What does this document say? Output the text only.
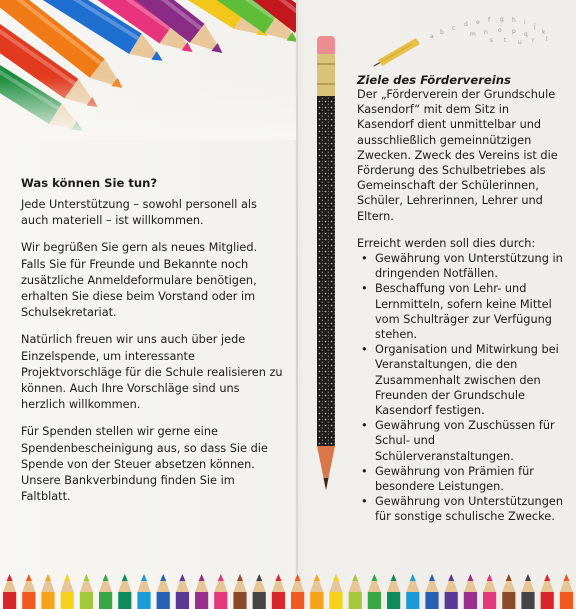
Was können Sie tun?

Jede Unterstützung – sowohl personell als auch materiell – ist willkommen.

Wir begrüßen Sie gern als neues Mitglied. Falls Sie für Freunde und Bekannte noch zusätzliche Anmeldeformulare benötigen, erhalten Sie diese beim Vorstand oder im Schulsekretariat.

Natürlich freuen wir uns auch über jede Einzelspende, um interessante Projektvorschläge für die Schule realisieren zu können. Auch Ihre Vorschläge sind uns herzlich willkommen.

Für Spenden stellen wir gerne eine Spendenbescheinigung aus, so dass Sie die Spende von der Steuer absetzen können. Unsere Bankverbindung finden Sie im Faltblatt.

a
b
c
d e f g h i
j
k
l
m n o p q
r
s t u
Ziele des Fördervereins

Der „Förderverein der Grundschule Kasendorf“ mit dem Sitz in Kasendorf dient unmittelbar und ausschließlich gemeinnützigen Zwecken. Zweck des Vereins ist die Förderung des Schulbetriebes als Gemeinschaft der Schülerinnen, Schüler, Lehrerinnen, Lehrer und Eltern.

Erreicht werden soll dies durch:

• Gewährung von Unterstützung in dringenden Notfällen.
• Beschaffung von Lehr- und Lernmitteln, sofern keine Mittel vom Schulträger zur Verfügung stehen.
• Organisation und Mitwirkung bei Veranstaltungen, die den Zusammenhalt zwischen den Freunden der Grundschule Kasendorf festigen.
• Gewährung von Zuschüssen für Schul- und Schülerveranstaltungen.
• Gewährung von Prämien für besondere Leistungen.
• Gewährung von Unterstützungen für sonstige schulische Zwecke.
